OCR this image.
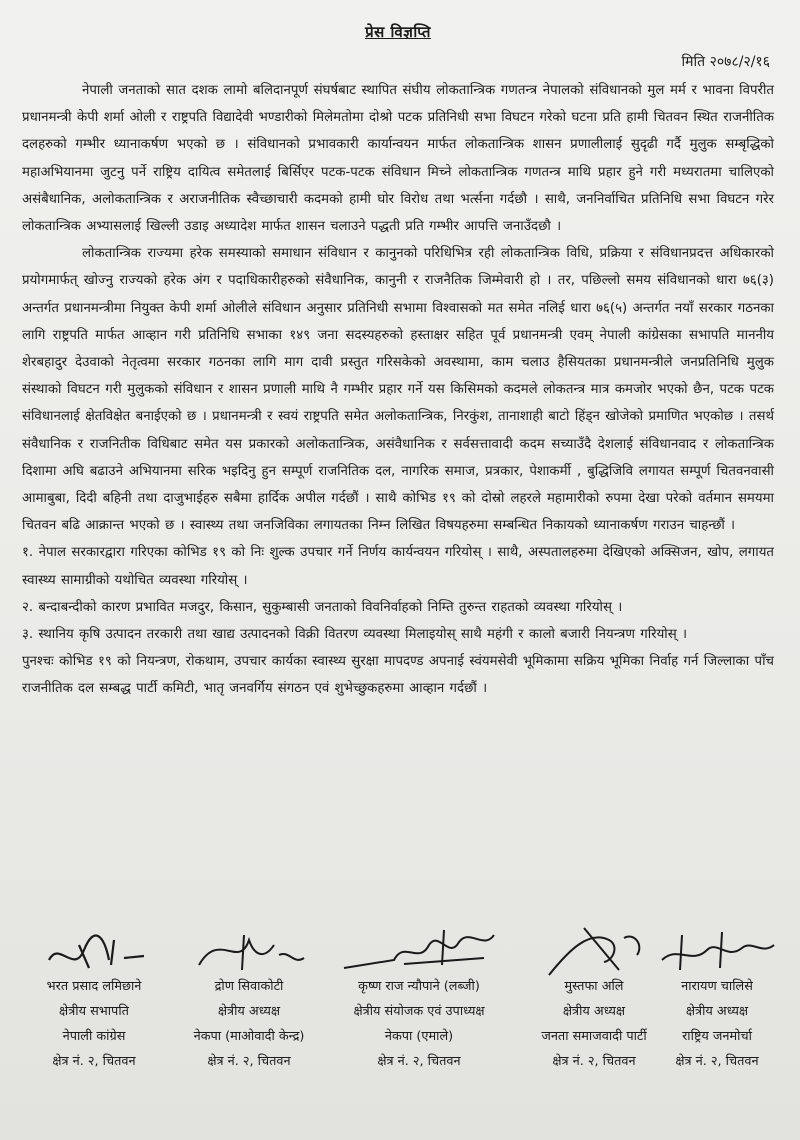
प्रेस विज्ञप्ति
मिति २०७८/२/१६

नेपाली जनताको सात दशक लामो बलिदानपूर्ण संघर्षबाट स्थापित संघीय लोकतान्त्रिक गणतन्त्र नेपालको संविधानको मुल मर्म र भावना विपरीत प्रधानमन्त्री केपी शर्मा ओली र राष्ट्रपति विद्यादेवी भण्डारीको मिलेमतोमा दोश्रो पटक प्रतिनिधी सभा विघटन गरेको घटना प्रति हामी चितवन स्थित राजनीतिक दलहरुको गम्भीर ध्यानाकर्षण भएको छ । संविधानको प्रभावकारी कार्यान्वयन मार्फत लोकतान्त्रिक शासन प्रणालीलाई सुदृढी गर्दै मुलुक सम्बृद्धिको महाअभियानमा जुटनु पर्ने राष्ट्रिय दायित्व समेतलाई बिर्सिएर पटक-पटक संविधान मिच्ने लोकतान्त्रिक गणतन्त्र माथि प्रहार हुने गरी मध्यरातमा चालिएको असंबैधानिक, अलोकतान्त्रिक र अराजनीतिक स्वैच्छाचारी कदमको हामी घोर विरोध तथा भर्त्सना गर्दछौ । साथै, जननिर्वाचित प्रतिनिधि सभा विघटन गरेर लोकतान्त्रिक अभ्यासलाई खिल्ली उडाइ अध्यादेश मार्फत शासन चलाउने पद्धती प्रति गम्भीर आपत्ति जनाउँदछौ ।

लोकतान्त्रिक राज्यमा हरेक समस्याको समाधान संविधान र कानुनको परिधिभित्र रही लोकतान्त्रिक विधि, प्रक्रिया र संविधानप्रदत्त अधिकारको प्रयोगमार्फत् खोज्नु राज्यको हरेक अंग र पदाधिकारीहरुको संवैधानिक, कानुनी र राजनैतिक जिम्मेवारी हो । तर, पछिल्लो समय संविधानको धारा ७६(३) अन्तर्गत प्रधानमन्त्रीमा नियुक्त केपी शर्मा ओलीले संविधान अनुसार प्रतिनिधी सभामा विश्वासको मत समेत नलिई धारा ७६(५) अन्तर्गत नयाँ सरकार गठनका लागि राष्ट्रपति मार्फत आव्हान गरी प्रतिनिधि सभाका १४९ जना सदस्यहरुको हस्ताक्षर सहित पूर्व प्रधानमन्त्री एवम् नेपाली कांग्रेसका सभापति माननीय शेरबहादुर देउवाको नेतृत्वमा सरकार गठनका लागि माग दावी प्रस्तुत गरिसकेको अवस्थामा, काम चलाउ हैसियतका प्रधानमन्त्रीले जनप्रतिनिधि मुलुक संस्थाको विघटन गरी मुलुकको संविधान र शासन प्रणाली माथि नै गम्भीर प्रहार गर्ने यस किसिमको कदमले लोकतन्त्र मात्र कमजोर भएको छैन, पटक पटक संविधानलाई क्षेतविक्षेत बनाईएको छ । प्रधानमन्त्री र स्वयं राष्ट्रपति समेत अलोकतान्त्रिक, निरकुंश, तानाशाही बाटो हिंड्न खोजेको प्रमाणित भएकोछ । तसर्थ संवैधानिक र राजनितीक विधिबाट समेत यस प्रकारको अलोकतान्त्रिक, असंवैधानिक र सर्वसत्तावादी कदम सच्याउँदै देशलाई संविधानवाद र लोकतान्त्रिक दिशामा अघि बढाउने अभियानमा सरिक भइदिनु हुन सम्पूर्ण राजनितिक दल, नागरिक समाज, प्रत्रकार, पेशाकर्मी , बुद्धिजिवि लगायत सम्पूर्ण चितवनवासी आमाबुबा, दिदी बहिनी तथा दाजुभाईहरु सबैमा हार्दिक अपील गर्दछौं । साथै कोभिड १९ को दोस्रो लहरले महामारीको रुपमा देखा परेको वर्तमान समयमा चितवन बढि आक्रान्त भएको छ । स्वास्थ्य तथा जनजिविका लगायतका निम्न लिखित विषयहरुमा सम्बन्धित निकायको ध्यानाकर्षण गराउन चाहन्छौं ।

१. नेपाल सरकारद्वारा गरिएका कोभिड १९ को निः शुल्क उपचार गर्ने निर्णय कार्यन्वयन गरियोस् । साथै, अस्पतालहरुमा देखिएको अक्सिजन, खोप, लगायत स्वास्थ्य सामाग्रीको यथोचित व्यवस्था गरियोस् ।

२. बन्दाबन्दीको कारण प्रभावित मजदुर, किसान, सुकुम्बासी जनताको विवनिर्वाहको निम्ति तुरुन्त राहतको व्यवस्था गरियोस् ।

३. स्थानिय कृषि उत्पादन तरकारी तथा खाद्य उत्पादनको विक्री वितरण व्यवस्था मिलाइयोस् साथै महंगी र कालो बजारी नियन्त्रण गरियोस् ।

पुनश्चः कोभिड १९ को नियन्त्रण, रोकथाम, उपचार कार्यका स्वास्थ्य सुरक्षा मापदण्ड अपनाई स्वंयमसेवी भूमिकामा सक्रिय भूमिका निर्वाह गर्न जिल्लाका पाँच राजनीतिक दल सम्बद्ध पार्टी कमिटी, भातृ जनवर्गिय संगठन एवं शुभेच्छुकहरुमा आव्हान गर्दछौं ।

भरत प्रसाद लमिछाने
क्षेत्रीय सभापति
नेपाली कांग्रेस
क्षेत्र नं. २, चितवन
द्रोण सिवाकोटी
क्षेत्रीय अध्यक्ष
नेकपा (माओवादी केन्द्र)
क्षेत्र नं. २, चितवन
कृष्ण राज न्यौपाने (लब्जी)
क्षेत्रीय संयोजक एवं उपाध्यक्ष
नेकपा (एमाले)
क्षेत्र नं. २, चितवन
मुस्तफा अलि
क्षेत्रीय अध्यक्ष
जनता समाजवादी पार्टी
क्षेत्र नं. २, चितवन
नारायण चालिसे
क्षेत्रीय अध्यक्ष
राष्ट्रिय जनमोर्चा
क्षेत्र नं. २, चितवन
